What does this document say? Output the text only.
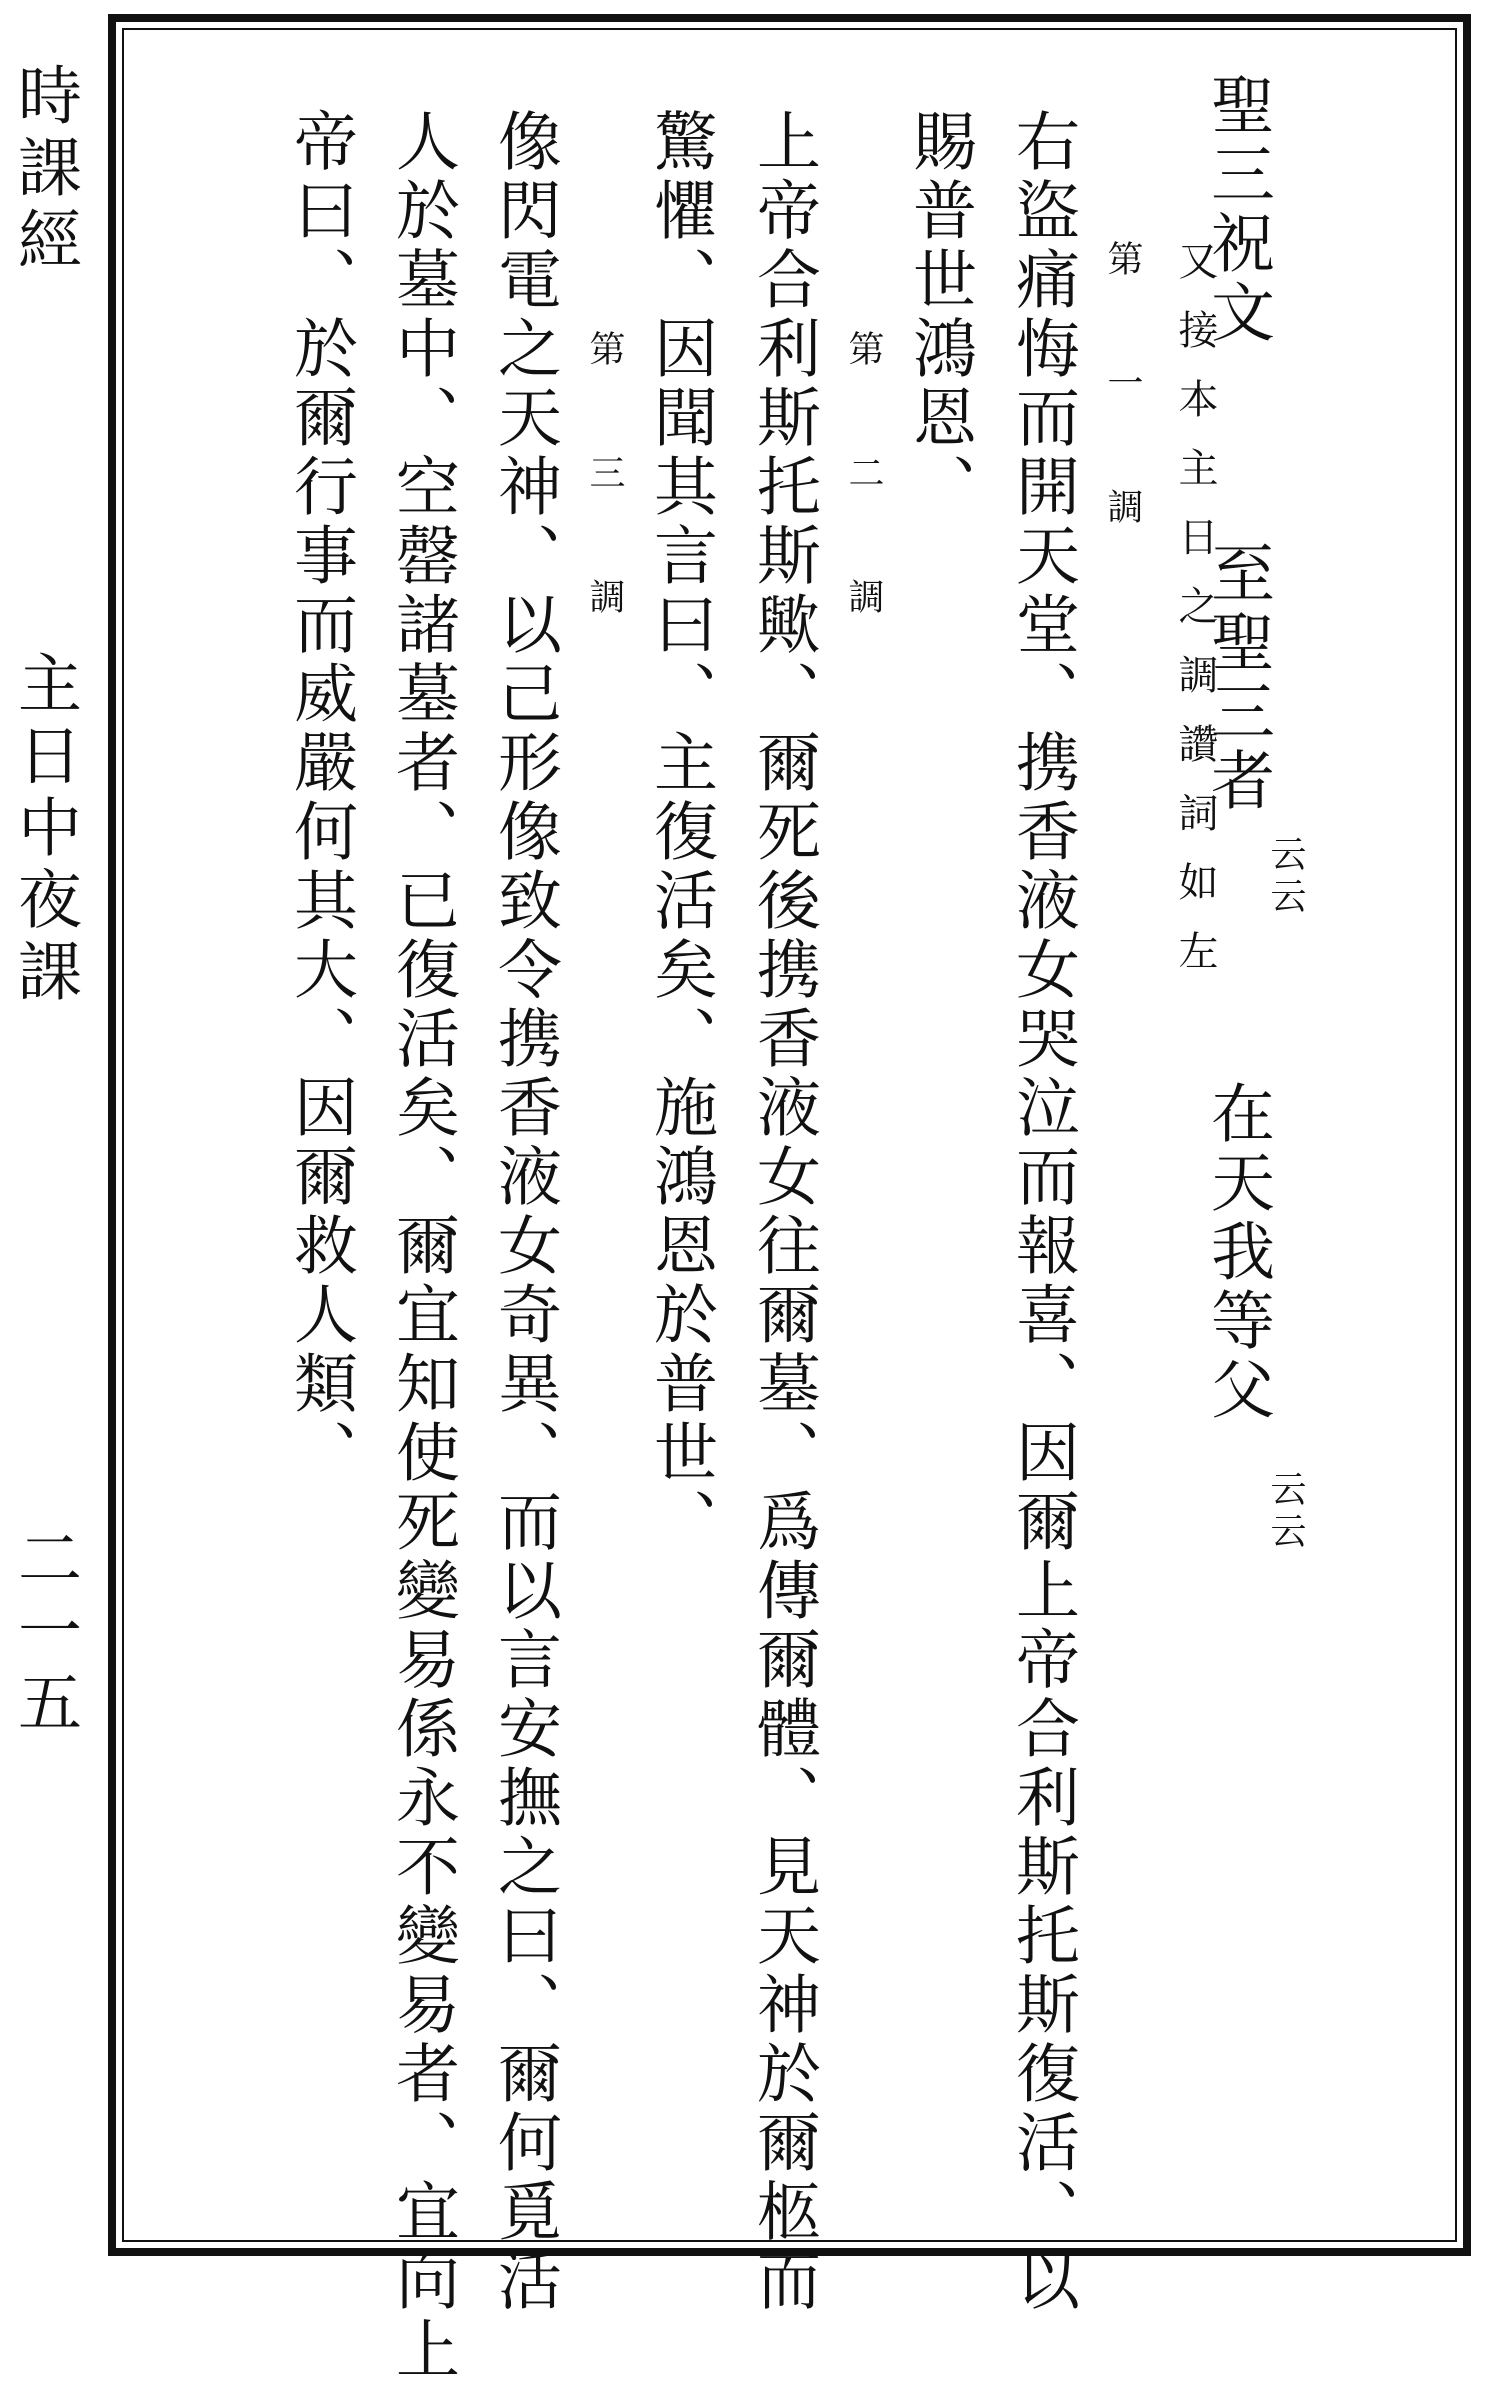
時課經
主日中夜課
二一五
聖三祝文
至聖三者
云云
在天我等父
云云
又接本主日之調讚詞如左
第一調
右盜痛悔而開天堂、携香液女哭泣而報喜、因爾上帝合利斯托斯復活、以
賜普世鴻恩、
第二調
上帝合利斯托斯歟、爾死後携香液女往爾墓、爲傳爾體、見天神於爾柩而
驚懼、因聞其言曰、主復活矣、施鴻恩於普世、
第三調
像閃電之天神、以己形像致令携香液女奇異、而以言安撫之曰、爾何覓活
人於墓中、空罄諸墓者、已復活矣、爾宜知使死變易係永不變易者、宜向上
帝曰、於爾行事而威嚴何其大、因爾救人類、
